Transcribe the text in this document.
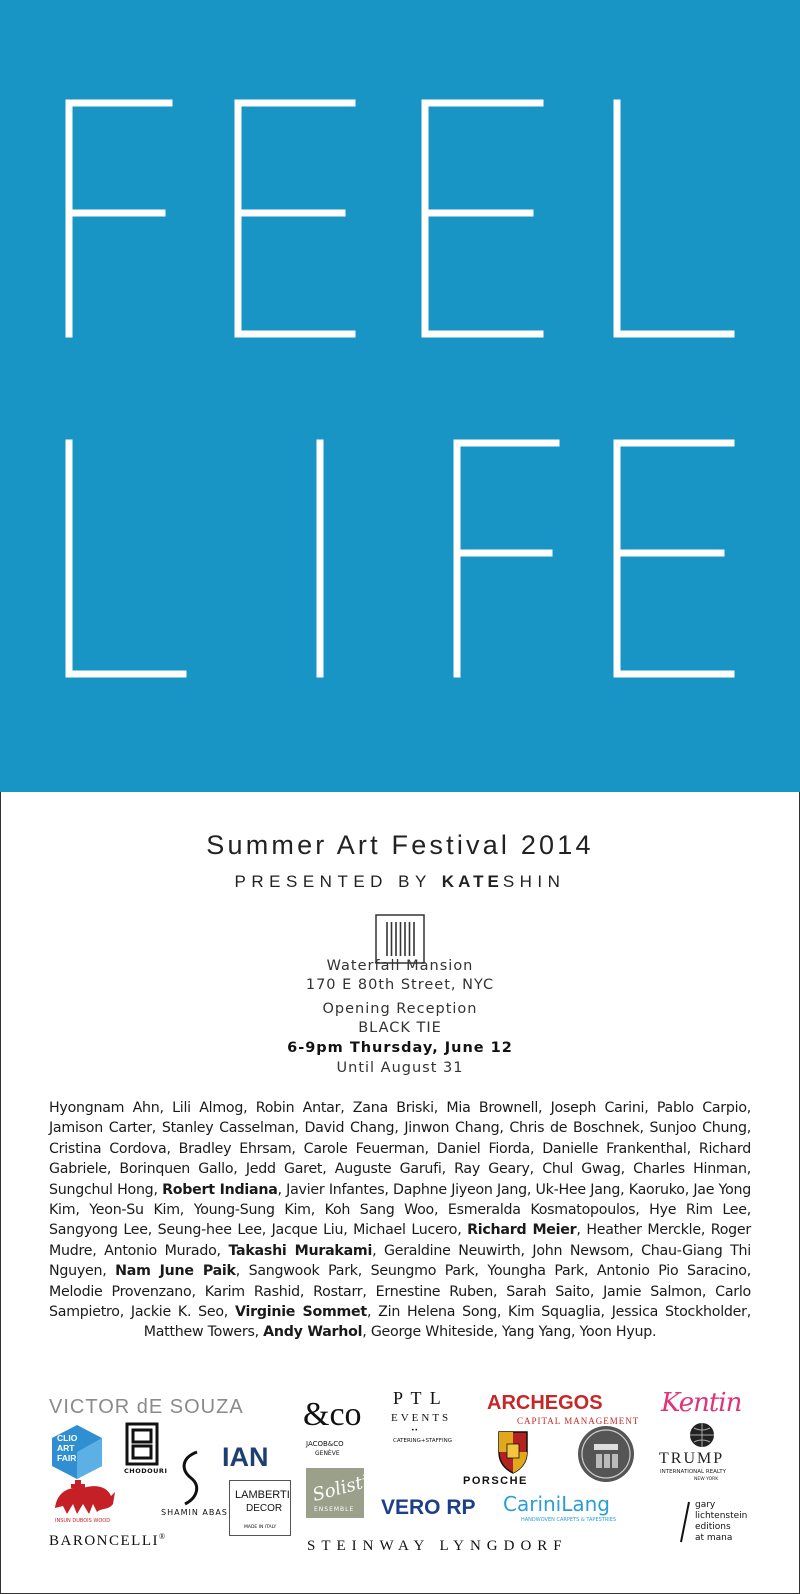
Summer Art Festival 2014
PRESENTED BY KATESHIN
Waterfall Mansion
170 E 80th Street, NYC
Opening Reception
BLACK TIE
6-9pm Thursday, June 12
Until August 31
Hyongnam Ahn, Lili Almog, Robin Antar, Zana Briski, Mia Brownell, Joseph Carini, Pablo Carpio, Jamison Carter, Stanley Casselman, David Chang, Jinwon Chang, Chris de Boschnek, Sunjoo Chung, Cristina Cordova, Bradley Ehrsam, Carole Feuerman, Daniel Fiorda, Danielle Frankenthal, Richard Gabriele, Borinquen Gallo, Jedd Garet, Auguste Garufi, Ray Geary, Chul Gwag, Charles Hinman, Sungchul Hong, Robert Indiana, Javier Infantes, Daphne Jiyeon Jang, Uk-Hee Jang, Kaoruko, Jae Yong Kim, Yeon-Su Kim, Young-Sung Kim, Koh Sang Woo, Esmeralda Kosmatopoulos, Hye Rim Lee, Sangyong Lee, Seung-hee Lee, Jacque Liu, Michael Lucero, Richard Meier, Heather Merckle, Roger Mudre, Antonio Murado, Takashi Murakami, Geraldine Neuwirth, John Newsom, Chau-Giang Thi Nguyen, Nam June Paik, Sangwook Park, Seungmo Park, Youngha Park, Antonio Pio Saracino, Melodie Provenzano, Karim Rashid, Rostarr, Ernestine Ruben, Sarah Saito, Jamie Salmon, Carlo Sampietro, Jackie K. Seo, Virginie Sommet, Zin Helena Song, Kim Squaglia, Jessica Stockholder, Matthew Towers, Andy Warhol, George Whiteside, Yang Yang, Yoon Hyup.
VICTOR dE SOUZA
CLIO
ART
FAIR
CHODOURI
SHAMIN ABAS
IAN
&co
JACOB&CO
GENÈVE
P T L
EVENTS
••
CATERING+STAFFING
ARCHEGOS
CAPITAL MANAGEMENT
Kentin
PORSCHE
TRUMP
INTERNATIONAL REALTY
NEW YORK
INSUN DUBOIS WOOD
BARONCELLI®
LAMBERTI
DECOR
MADE IN ITALY
Solisti
ENSEMBLE VERO RP CariniLang
HANDWOVEN CARPETS & TAPESTRIES
gary
lichtenstein
editions
at mana
STEINWAY LYNGDORF
